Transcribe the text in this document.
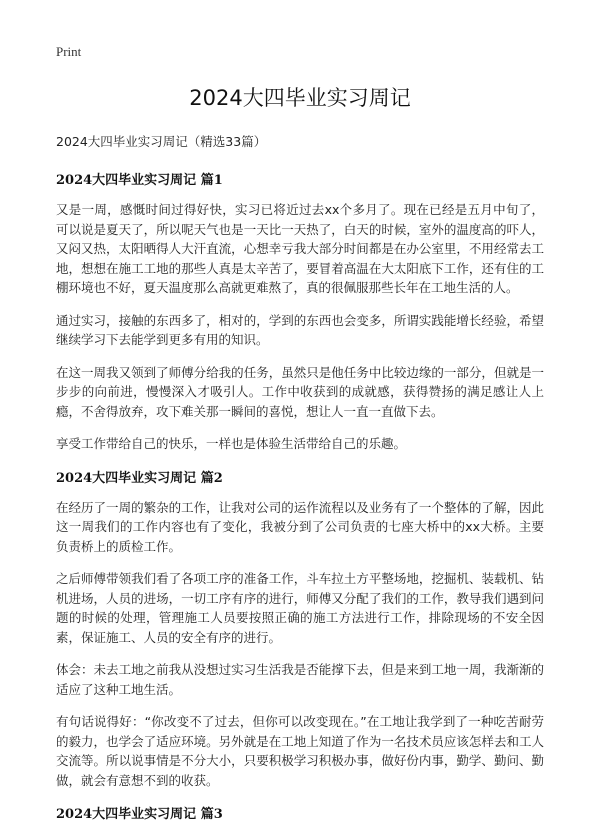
Print
2024大四毕业实习周记

2024大四毕业实习周记（精选33篇）

2024大四毕业实习周记 篇1

又是一周，感慨时间过得好快，实习已将近过去xx个多月了。现在已经是五月中旬了，可以说是夏天了，所以呢天气也是一天比一天热了，白天的时候，室外的温度高的吓人，又闷又热，太阳晒得人大汗直流，心想幸亏我大部分时间都是在办公室里，不用经常去工地，想想在施工工地的那些人真是太辛苦了，要冒着高温在大太阳底下工作，还有住的工棚环境也不好，夏天温度那么高就更难熬了，真的很佩服那些长年在工地生活的人。

通过实习，接触的东西多了，相对的，学到的东西也会变多，所谓实践能增长经验，希望继续学习下去能学到更多有用的知识。

在这一周我又领到了师傅分给我的任务，虽然只是他任务中比较边缘的一部分，但就是一步步的向前进，慢慢深入才吸引人。工作中收获到的成就感，获得赞扬的满足感让人上瘾，不舍得放弃，攻下难关那一瞬间的喜悦，想让人一直一直做下去。

享受工作带给自己的快乐，一样也是体验生活带给自己的乐趣。

2024大四毕业实习周记 篇2

在经历了一周的繁杂的工作，让我对公司的运作流程以及业务有了一个整体的了解，因此这一周我们的工作内容也有了变化，我被分到了公司负责的七座大桥中的xx大桥。主要负责桥上的质检工作。

之后师傅带领我们看了各项工序的准备工作，斗车拉土方平整场地，挖掘机、装载机、钻机进场，人员的进场，一切工序有序的进行，师傅又分配了我们的工作，教导我们遇到问题的时候的处理，管理施工人员要按照正确的施工方法进行工作，排除现场的不安全因素，保证施工、人员的安全有序的进行。

体会：未去工地之前我从没想过实习生活我是否能撑下去，但是来到工地一周，我渐渐的适应了这种工地生活。

有句话说得好：“你改变不了过去，但你可以改变现在。”在工地让我学到了一种吃苦耐劳的毅力，也学会了适应环境。另外就是在工地上知道了作为一名技术员应该怎样去和工人交流等。所以说事情是不分大小，只要积极学习积极办事，做好份内事，勤学、勤问、勤做，就会有意想不到的收获。

2024大四毕业实习周记 篇3
